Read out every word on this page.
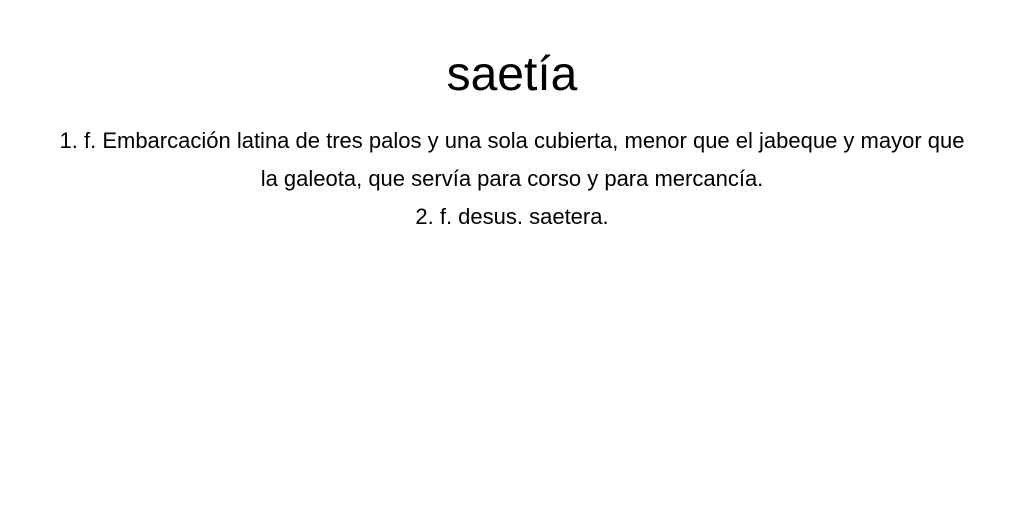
saetía

1. f. Embarcación latina de tres palos y una sola cubierta, menor que el jabeque y mayor que la galeota, que servía para corso y para mercancía.

2. f. desus. saetera.
